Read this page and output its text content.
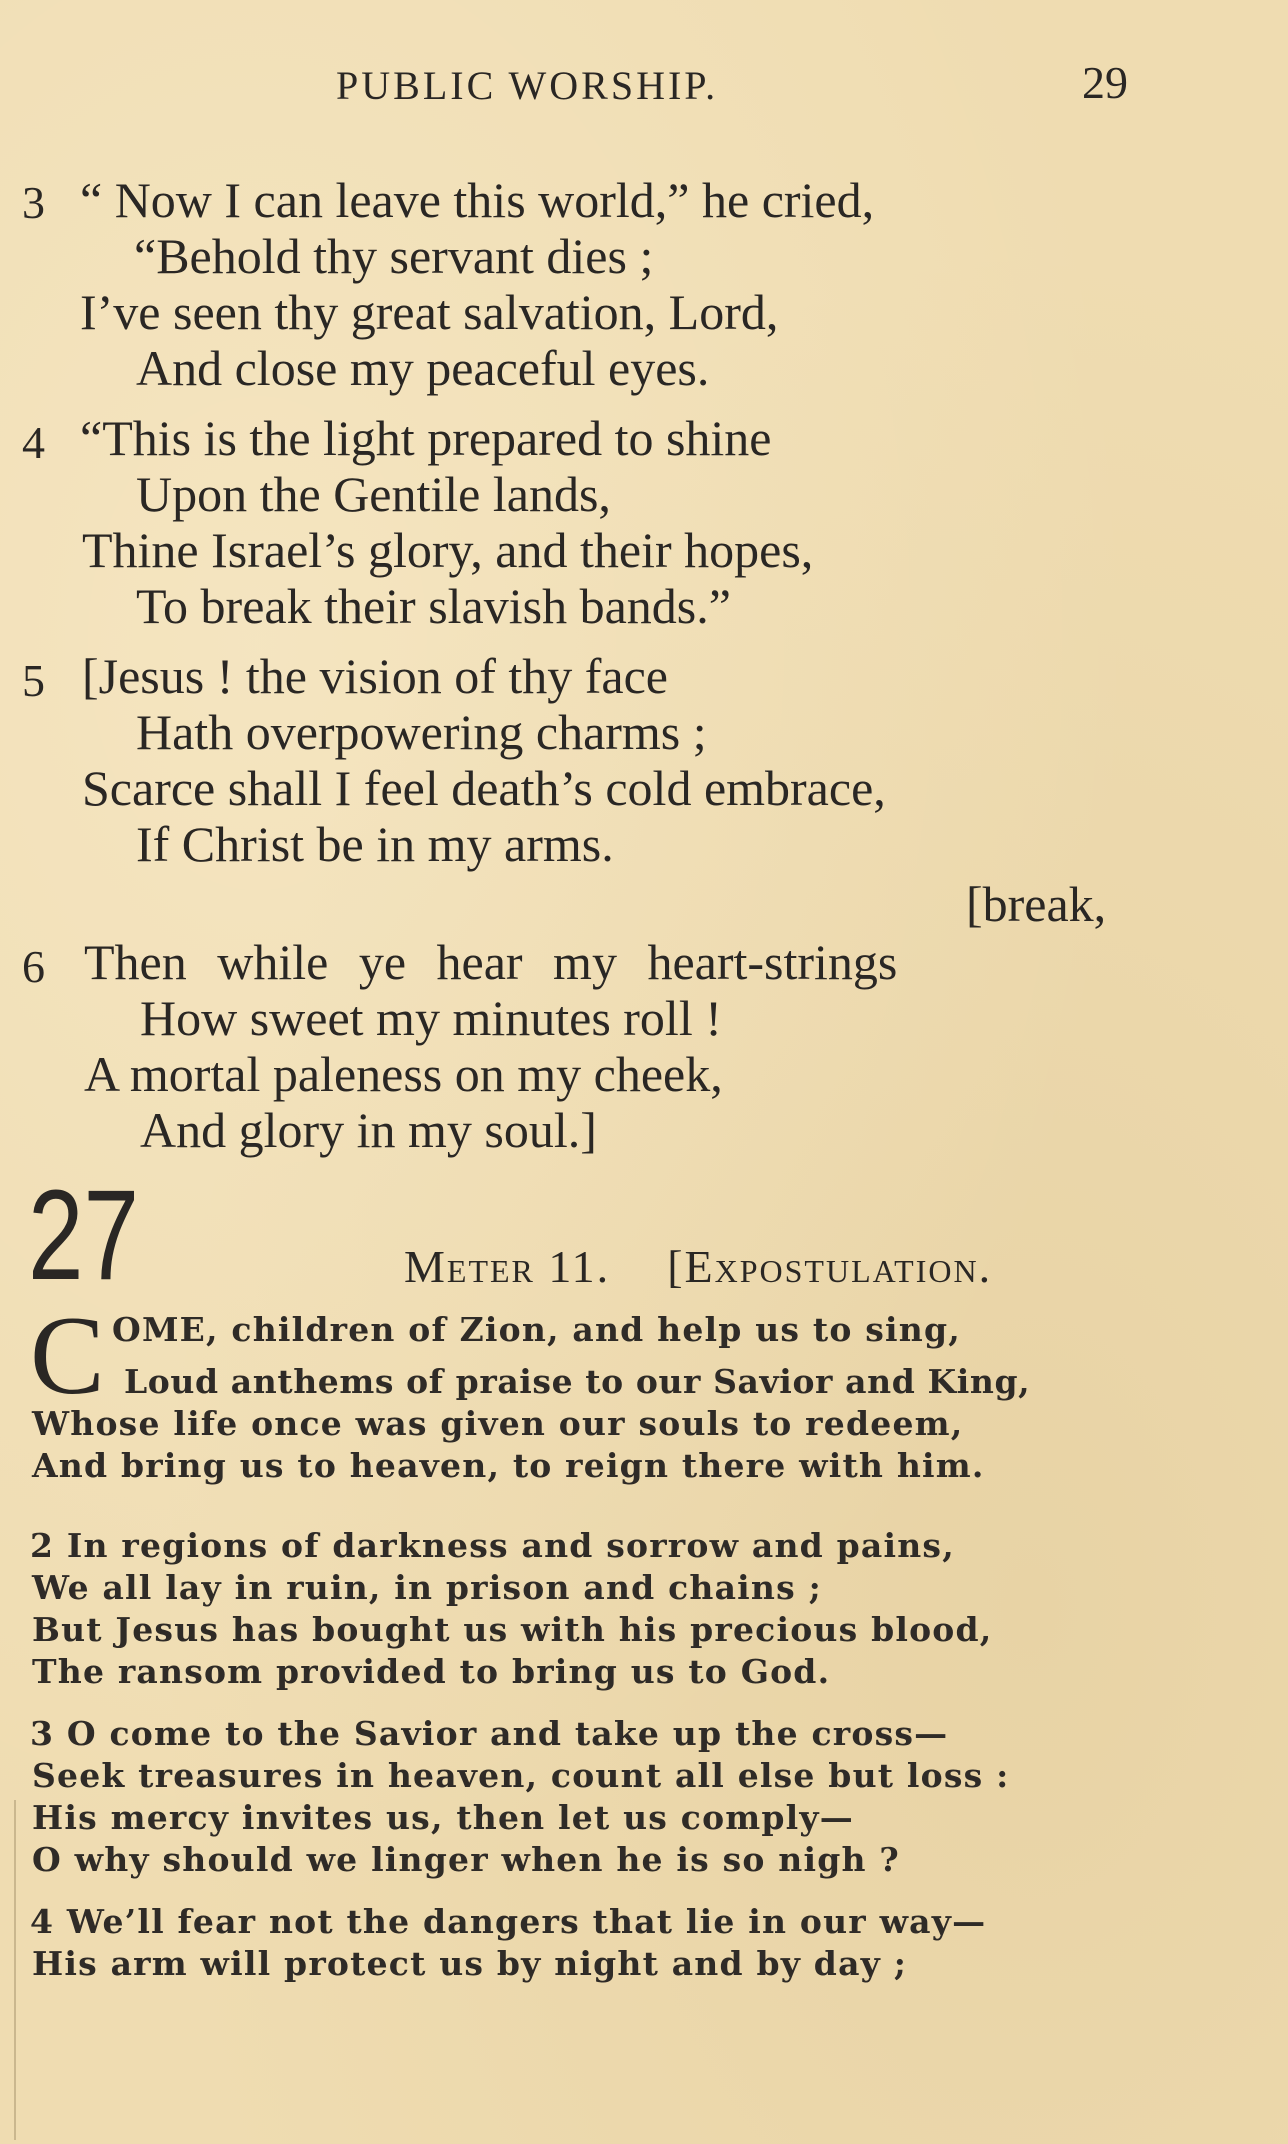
PUBLIC WORSHIP.	29
3 “ Now I can leave this world,” he cried,
“Behold thy servant dies ;
I’ve seen thy great salvation, Lord,
And close my peaceful eyes.
4 “This is the light prepared to shine
Upon the Gentile lands,
Thine Israel’s glory, and their hopes,
To break their slavish bands.”
5 [Jesus ! the vision of thy face
Hath overpowering charms ;
Scarce shall I feel death’s cold embrace,
If Christ be in my arms.
[break,
6 Then while ye hear my heart-strings
How sweet my minutes roll !
A mortal paleness on my cheek,
And glory in my soul.]
27	Meter 11. [Expostulation.
C OME, children of Zion, and help us to sing,
Loud anthems of praise to our Savior and King,
Whose life once was given our souls to redeem,
And bring us to heaven, to reign there with him.
2 In regions of darkness and sorrow and pains,
We all lay in ruin, in prison and chains ;
But Jesus has bought us with his precious blood,
The ransom provided to bring us to God.
3 O come to the Savior and take up the cross—
Seek treasures in heaven, count all else but loss :
His mercy invites us, then let us comply—
O why should we linger when he is so nigh ?
4 We’ll fear not the dangers that lie in our way—
His arm will protect us by night and by day ;
